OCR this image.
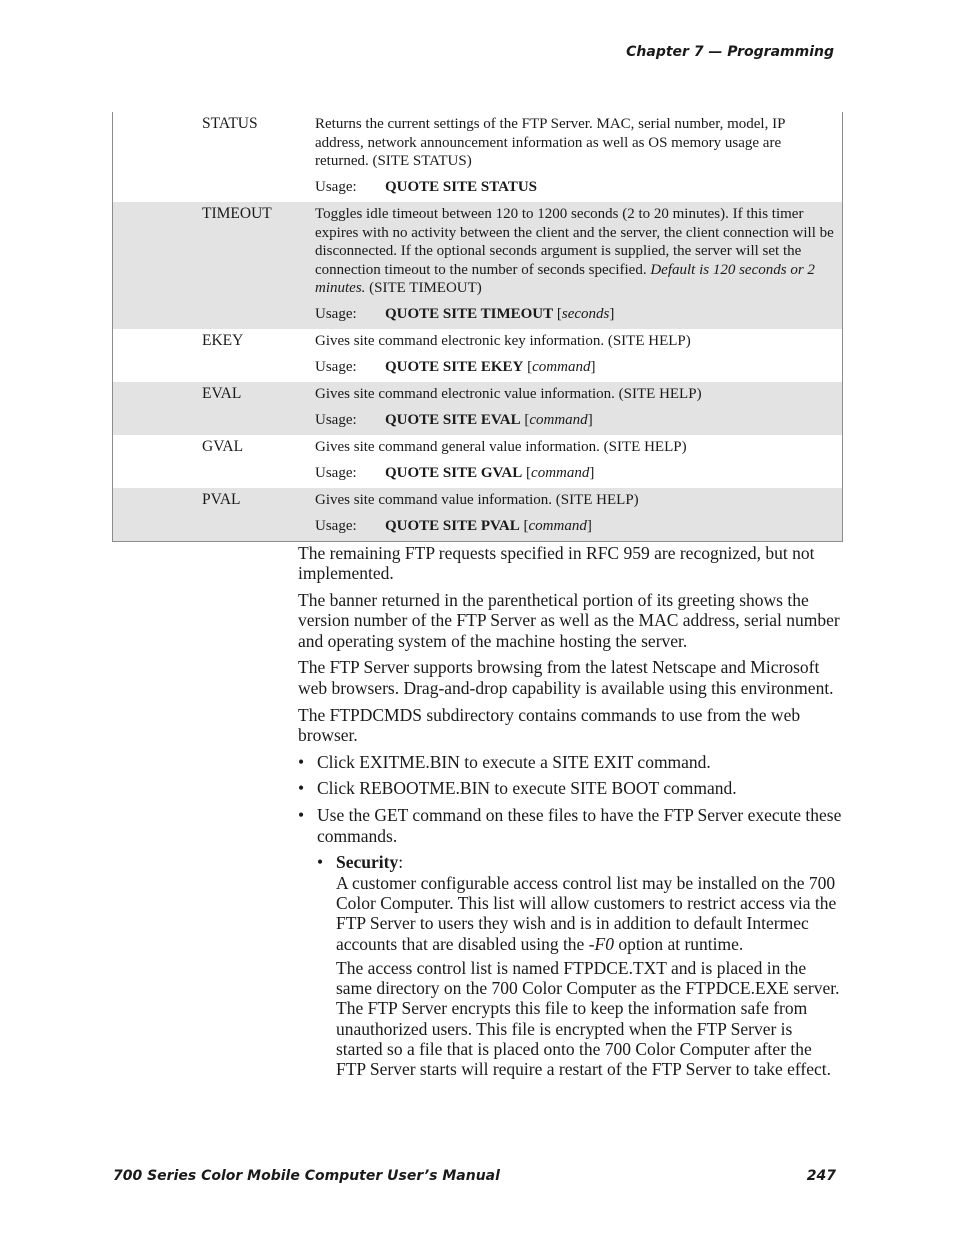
Chapter 7 — Programming
STATUS	Returns the current settings of the FTP Server. MAC, serial number, model, IP address, network announcement information as well as OS memory usage are returned. (SITE STATUS)
Usage:	QUOTE SITE STATUS
TIMEOUT	Toggles idle timeout between 120 to 1200 seconds (2 to 20 minutes). If this timer expires with no activity between the client and the server, the client connection will be disconnected. If the optional seconds argument is supplied, the server will set the connection timeout to the number of seconds specified. Default is 120 seconds or 2 minutes. (SITE TIMEOUT)
Usage:	QUOTE SITE TIMEOUT [seconds]
EKEY	Gives site command electronic key information. (SITE HELP)
Usage:	QUOTE SITE EKEY [command]
EVAL	Gives site command electronic value information. (SITE HELP)
Usage:	QUOTE SITE EVAL [command]
GVAL	Gives site command general value information. (SITE HELP)
Usage:	QUOTE SITE GVAL [command]
PVAL	Gives site command value information. (SITE HELP)
Usage:	QUOTE SITE PVAL [command]

The remaining FTP requests specified in RFC 959 are recognized, but not implemented.

The banner returned in the parenthetical portion of its greeting shows the version number of the FTP Server as well as the MAC address, serial number and operating system of the machine hosting the server.

The FTP Server supports browsing from the latest Netscape and Microsoft web browsers. Drag-and-drop capability is available using this environment.

The FTPDCMDS subdirectory contains commands to use from the web browser.

• Click EXITME.BIN to execute a SITE EXIT command.
• Click REBOOTME.BIN to execute SITE BOOT command.
• Use the GET command on these files to have the FTP Server execute these commands.
• Security:
A customer configurable access control list may be installed on the 700 Color Computer. This list will allow customers to restrict access via the FTP Server to users they wish and is in addition to default Intermec accounts that are disabled using the -F0 option at runtime.

The access control list is named FTPDCE.TXT and is placed in the same directory on the 700 Color Computer as the FTPDCE.EXE server. The FTP Server encrypts this file to keep the information safe from unauthorized users. This file is encrypted when the FTP Server is started so a file that is placed onto the 700 Color Computer after the FTP Server starts will require a restart of the FTP Server to take effect.

700 Series Color Mobile Computer User’s Manual	247
